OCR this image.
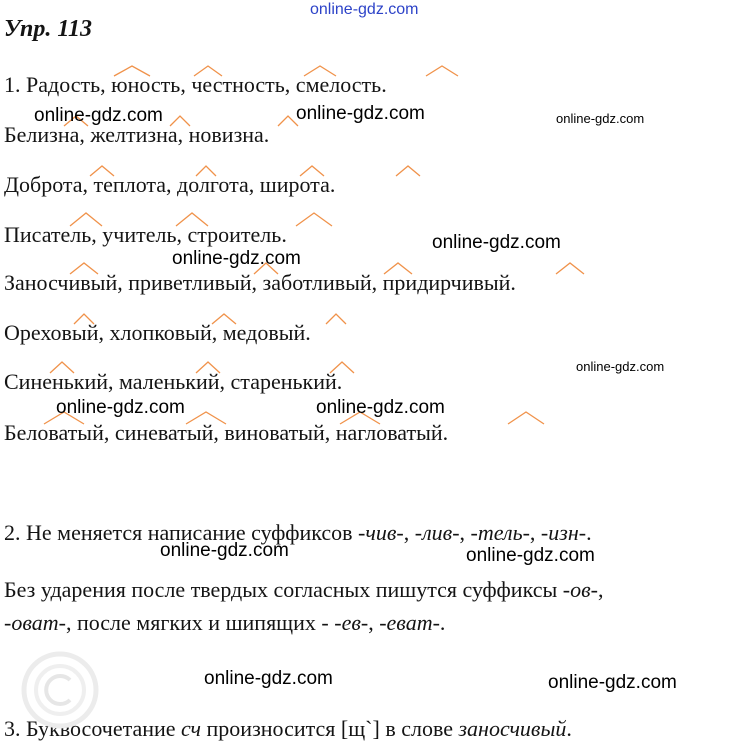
online-gdz.com
Упр. 113
1. Радость, юность, честность, смелость.
Белизна, желтизна, новизна.
Доброта, теплота, долгота, широта.
Писатель, учитель, строитель.
Заносчивый, приветливый, заботливый, придирчивый.
Ореховый, хлопковый, медовый.
Синенький, маленький, старенький.
Беловатый, синеватый, виноватый, нагловатый.
2. Не меняется написание суффиксов -чив-, -лив-, -тель-, -изн-.
Без ударения после твердых согласных пишутся суффиксы -ов-,
-оват-, после мягких и шипящих - -ев-, -еват-.
3. Буквосочетание сч произносится [щ`] в слове заносчивый.
online-gdz.com	online-gdz.com	online-gdz.com
online-gdz.com
online-gdz.com
online-gdz.com
online-gdz.com	online-gdz.com
online-gdz.com	online-gdz.com
online-gdz.com	online-gdz.com
